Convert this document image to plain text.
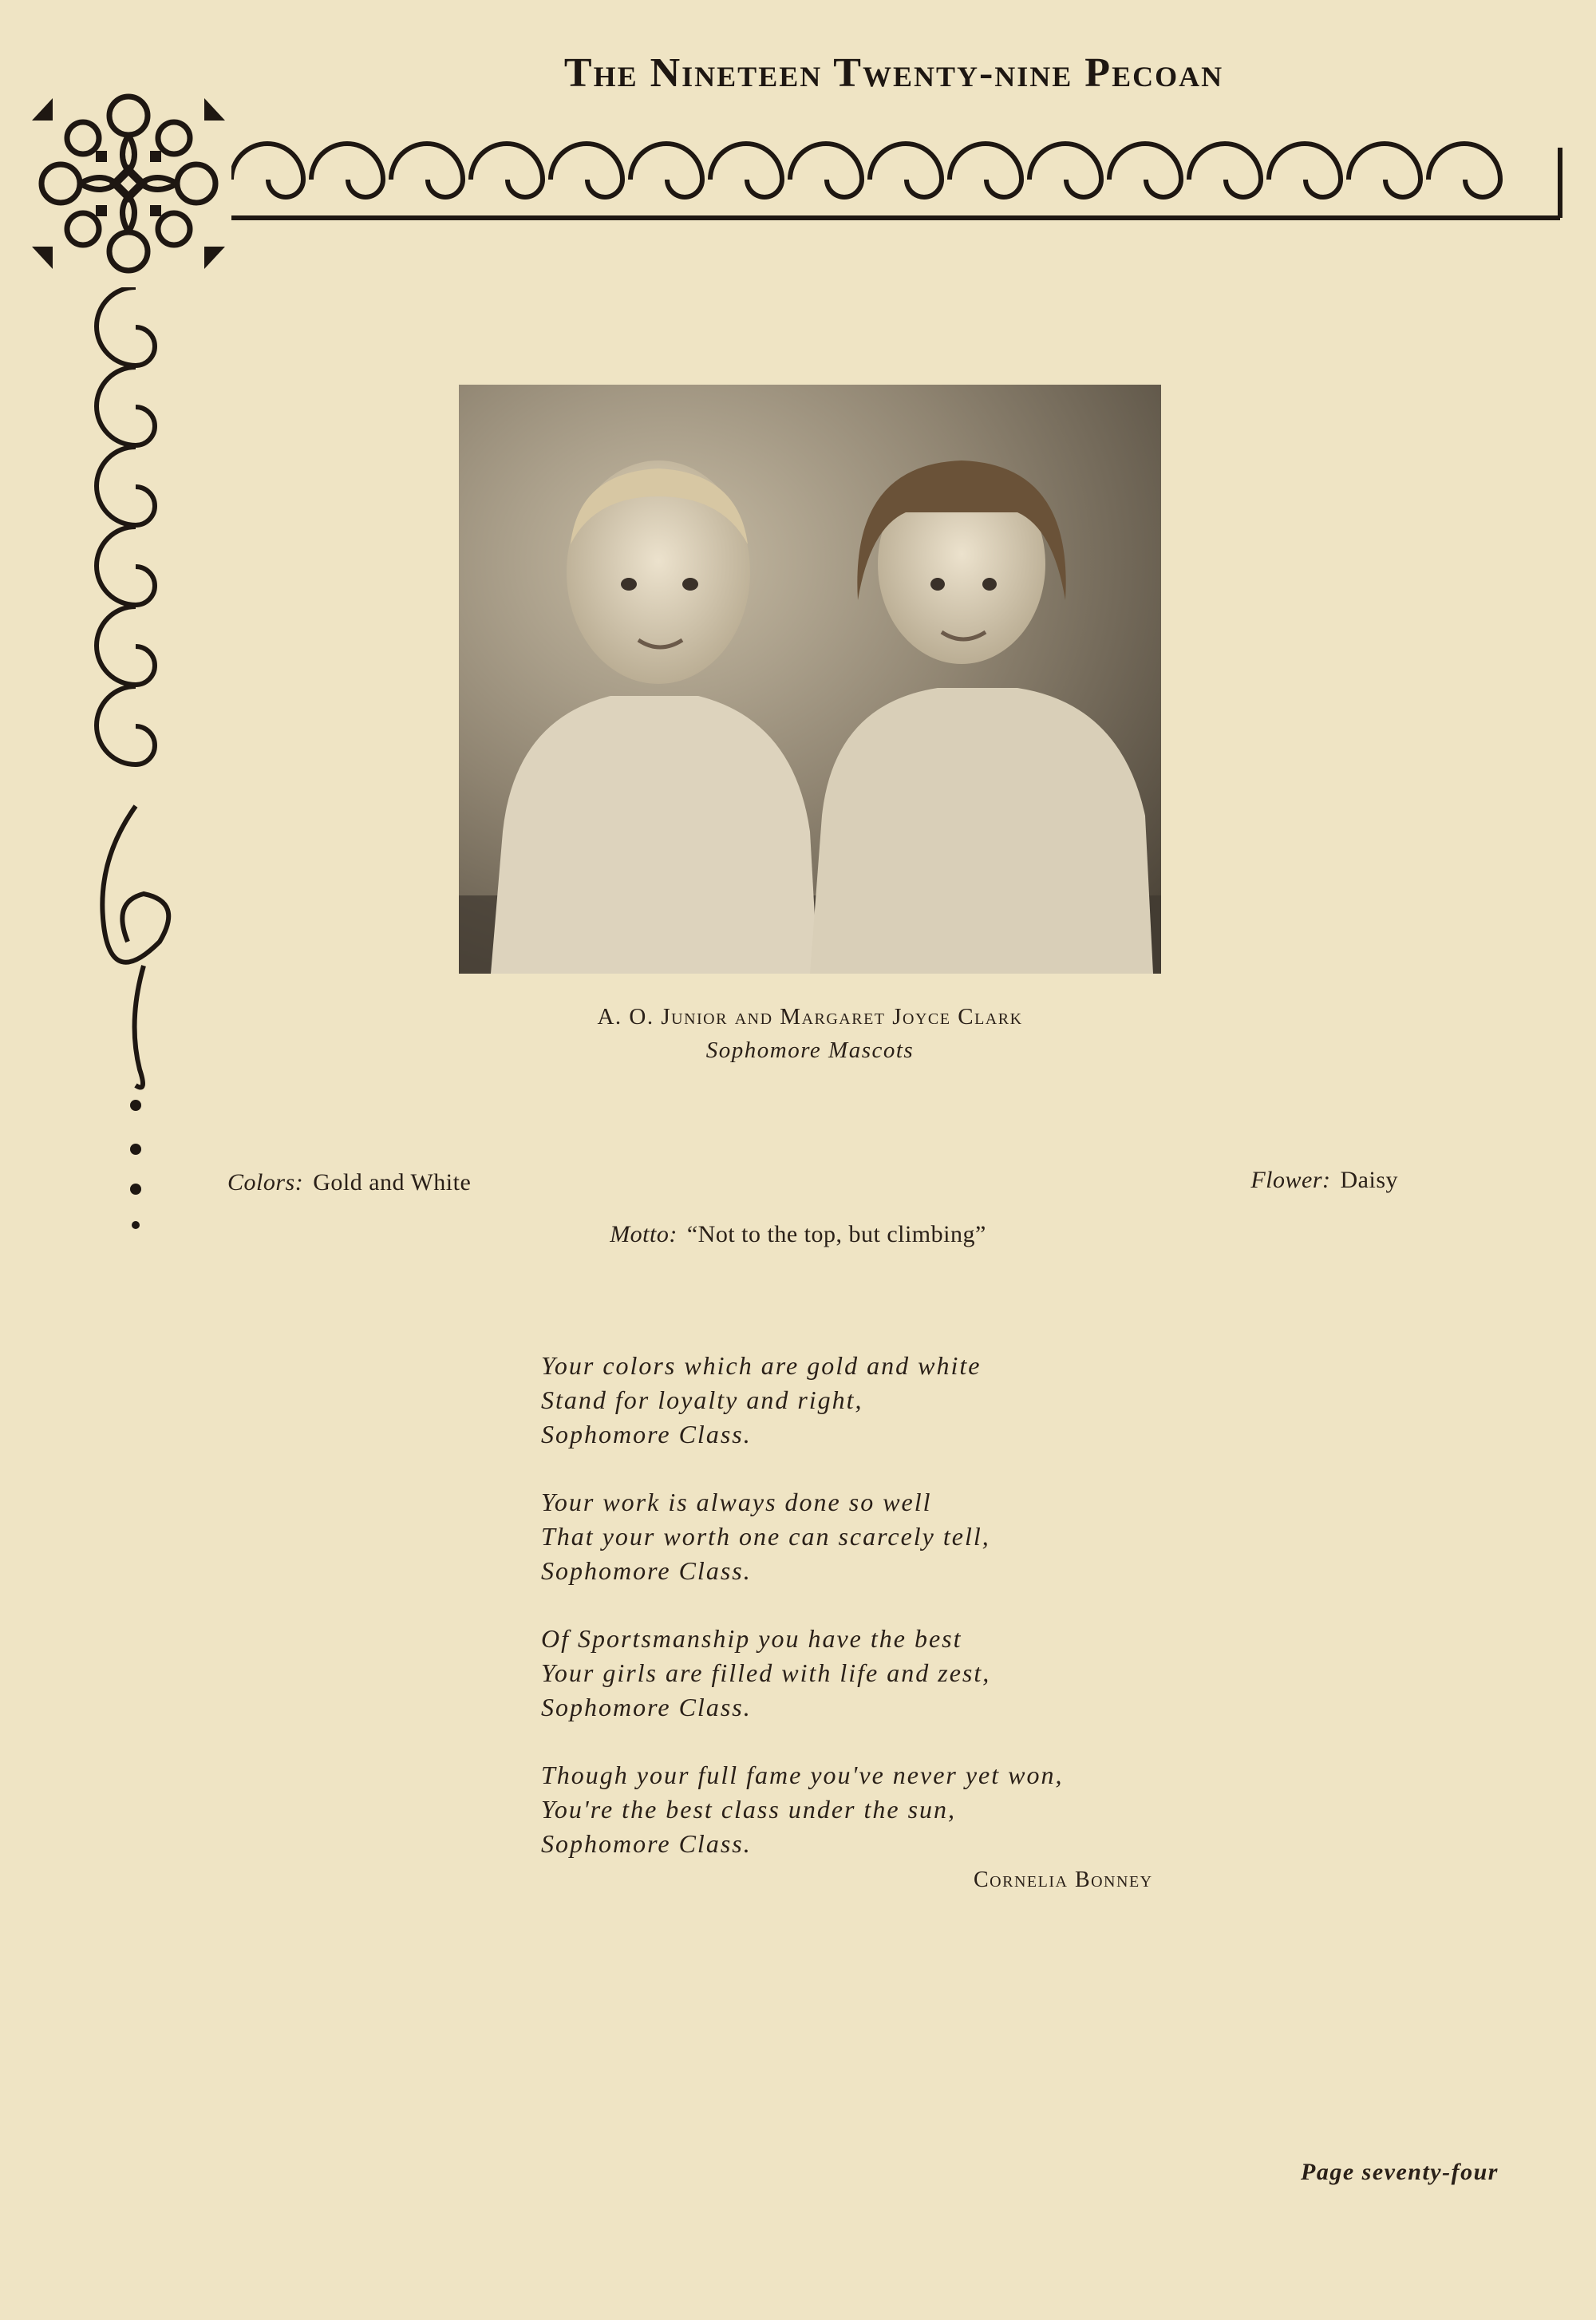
The Nineteen Twenty-nine Pecoan
A. O. Junior and Margaret Joyce Clark
Sophomore Mascots
Colors: Gold and White	Flower: Daisy
Motto: “Not to the top, but climbing”
Your colors which are gold and white
Stand for loyalty and right,
Sophomore Class.
Your work is always done so well
That your worth one can scarcely tell,
Sophomore Class.
Of Sportsmanship you have the best
Your girls are filled with life and zest,
Sophomore Class.
Though your full fame you've never yet won,
You're the best class under the sun,
Sophomore Class.
Cornelia Bonney
Page seventy-four
